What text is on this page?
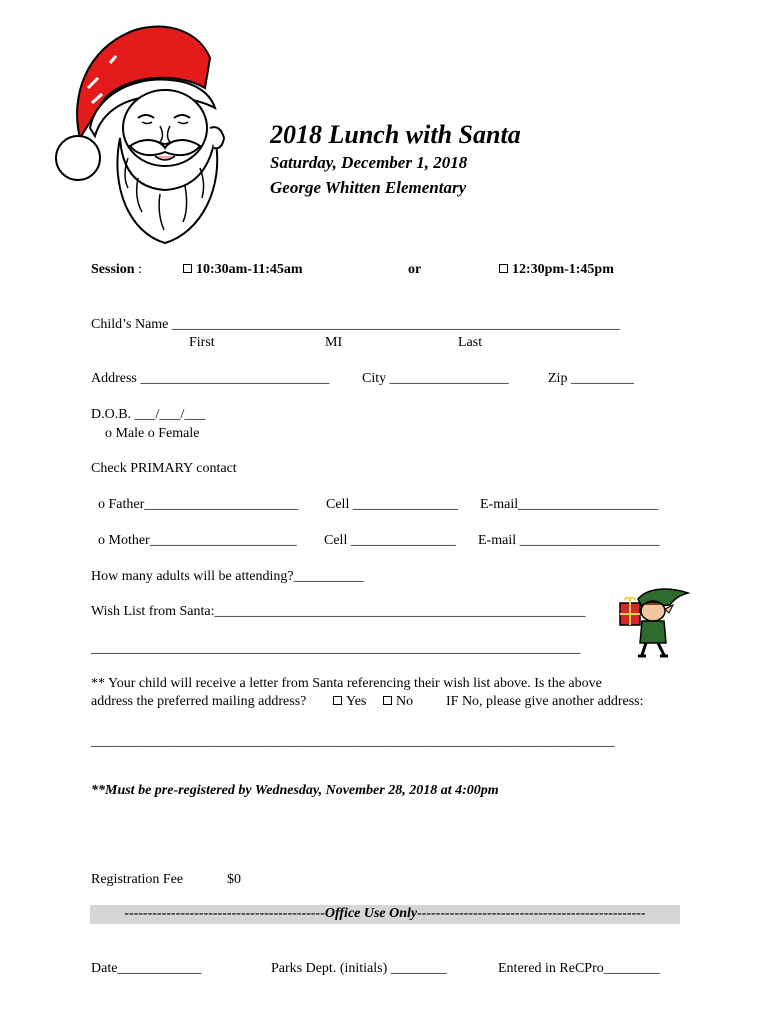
2018 Lunch with Santa
Saturday, December 1, 2018
George Whitten Elementary
Session :	10:30am-11:45am	or	12:30pm-1:45pm
Child’s Name ________________________________________________________________
First	MI	Last
Address ___________________________ City _________________	Zip _________
D.O.B. ___/___/___
o Male o Female
Check PRIMARY contact
o Father______________________ Cell _______________ E-mail____________________
o Mother_____________________ Cell _______________ E-mail ____________________
How many adults will be attending?__________
Wish List from Santa:_____________________________________________________
________________________________________________________________________
** Your child will receive a letter from Santa referencing their wish list above. Is the above
address the preferred mailing address?	Yes	No IF No, please give another address:
_____________________________________________________________________________
**Must be pre-registered by Wednesday, November 28, 2018 at 4:00pm
Registration Fee	$0
-------------------------------------------Office Use Only-------------------------------------------------
Date____________	Parks Dept. (initials) ________	Entered in ReCPro________
